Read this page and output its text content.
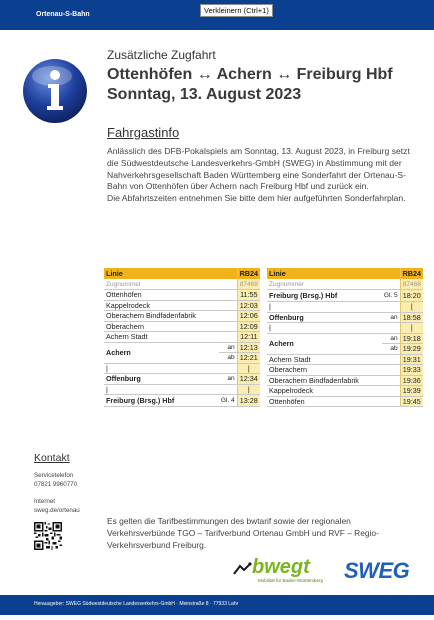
Ortenau-S-Bahn	Verkleinern (Ctrl+1)
Zusätzliche Zugfahrt
Ottenhöfen ↔ Achern ↔ Freiburg Hbf
Sonntag, 13. August 2023
Fahrgastinfo
Anlässlich des DFB-Pokalspiels am Sonntag, 13. August 2023, in Freiburg setzt die Südwestdeutsche Landesverkehrs-GmbH (SWEG) in Abstimmung mit der Nahverkehrsgesellschaft Baden Württemberg eine Sonderfahrt der Ortenau-S-Bahn von Ottenhöfen über Achern nach Freiburg Hbf und zurück ein.
Die Abfahrtszeiten entnehmen Sie bitte dem hier aufgeführten Sonderfahrplan.
Linie		RB24
Zugnummer		87469
Ottenhöfen		11:55
Kappelrodeck		12:03
Oberachern Bindfadenfabrik		12:06
Oberachern		12:09
Achern Stadt		12:11
Achern	an	12:13
	ab	12:21
|		|
Offenburg	an	12:34
|		|
Freiburg (Brsg.) Hbf	Gl. 4	13:28
Linie		RB24
Zugnummer		87468
Freiburg (Brsg.) Hbf	Gl. 5	18:20
|		|
Offenburg	an	18:58
|		|
Achern	an	19:18
	ab	19:29
Achern Stadt		19:31
Oberachern		19:33
Oberachern Bindfadenfabrik		19:36
Kappelrodeck		19:39
Ottenhöfen		19:45
Kontakt
Servicetelefon
07821 9960770
Internet
sweg.de/ortenau
Es gelten die Tarifbestimmungen des bwtarif sowie der regionalen Verkehrsverbünde TGO – Tarifverbund Ortenau GmbH und RVF – Regio-Verkehrsverbund Freiburg.
bwegt
Mobilität für Baden-Württemberg SWEG
Herausgeber: SWEG Südwestdeutsche Landesverkehrs-GmbH · Meinstraße 8 · 77933 Lahr
